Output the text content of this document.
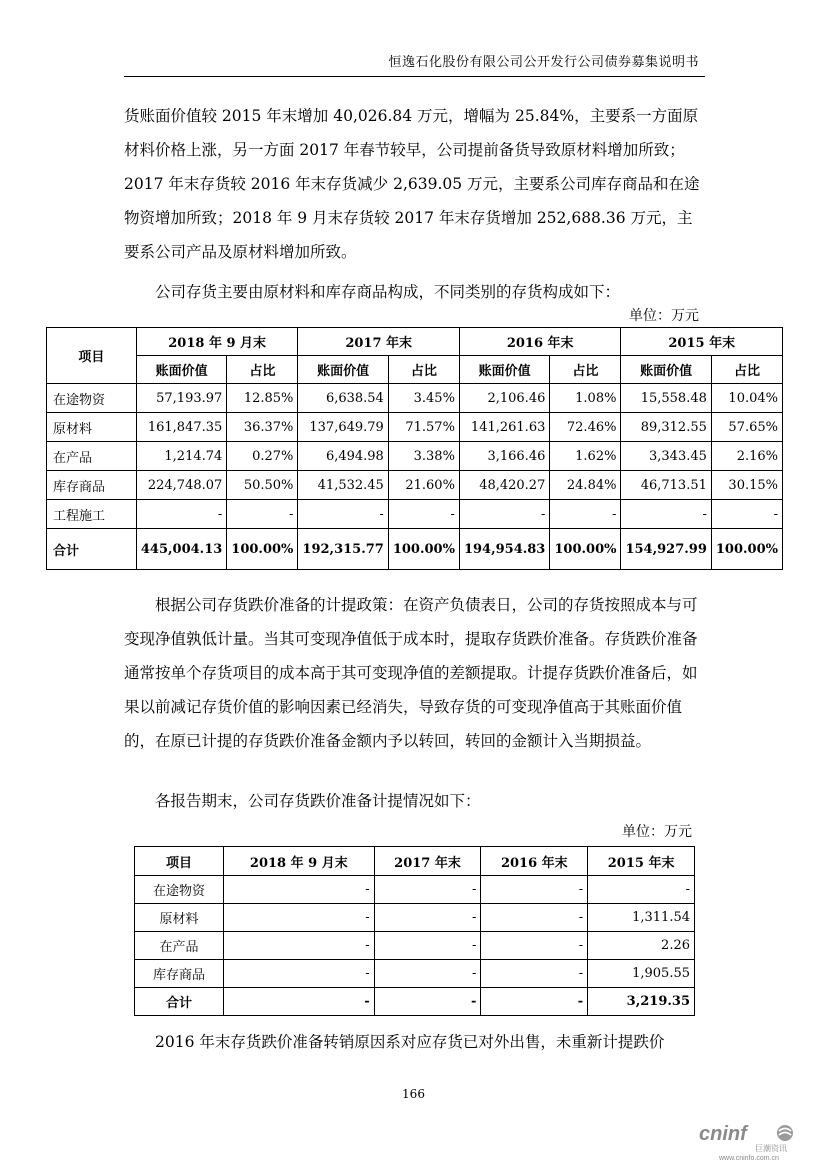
恒逸石化股份有限公司公开发行公司债券募集说明书

货账面价值较 2015 年末增加 40,026.84 万元，增幅为 25.84%，主要系一方面原材料价格上涨，另一方面 2017 年春节较早，公司提前备货导致原材料增加所致；2017 年末存货较 2016 年末存货减少 2,639.05 万元，主要系公司库存商品和在途物资增加所致；2018 年 9 月末存货较 2017 年末存货增加 252,688.36 万元，主要系公司产品及原材料增加所致。

公司存货主要由原材料和库存商品构成，不同类别的存货构成如下：

单位：万元
项目	2018 年 9 月末		2017 年末		2016 年末		2015 年末	
	账面价值	占比	账面价值	占比	账面价值	占比	账面价值	占比
在途物资	57,193.97	12.85%	6,638.54	3.45%	2,106.46	1.08%	15,558.48	10.04%
原材料	161,847.35	36.37%	137,649.79	71.57%	141,261.63	72.46%	89,312.55	57.65%
在产品	1,214.74	0.27%	6,494.98	3.38%	3,166.46	1.62%	3,343.45	2.16%
库存商品	224,748.07	50.50%	41,532.45	21.60%	48,420.27	24.84%	46,713.51	30.15%
工程施工	-	-	-	-	-	-	-	-
合计	445,004.13	100.00%	192,315.77	100.00%	194,954.83	100.00%	154,927.99	100.00%

根据公司存货跌价准备的计提政策：在资产负债表日，公司的存货按照成本与可变现净值孰低计量。当其可变现净值低于成本时，提取存货跌价准备。存货跌价准备通常按单个存货项目的成本高于其可变现净值的差额提取。计提存货跌价准备后，如果以前减记存货价值的影响因素已经消失，导致存货的可变现净值高于其账面价值的，在原已计提的存货跌价准备金额内予以转回，转回的金额计入当期损益。

各报告期末，公司存货跌价准备计提情况如下：

单位：万元
项目	2018 年 9 月末	2017 年末	2016 年末	2015 年末
在途物资	-	-	-	-
原材料	-	-	-	1,311.54
在产品	-	-	-	2.26
库存商品	-	-	-	1,905.55
合计	-	-	-	3,219.35

2016 年末存货跌价准备转销原因系对应存货已对外出售，未重新计提跌价

166
cninf
巨潮资讯
www.cninfo.com.cn
